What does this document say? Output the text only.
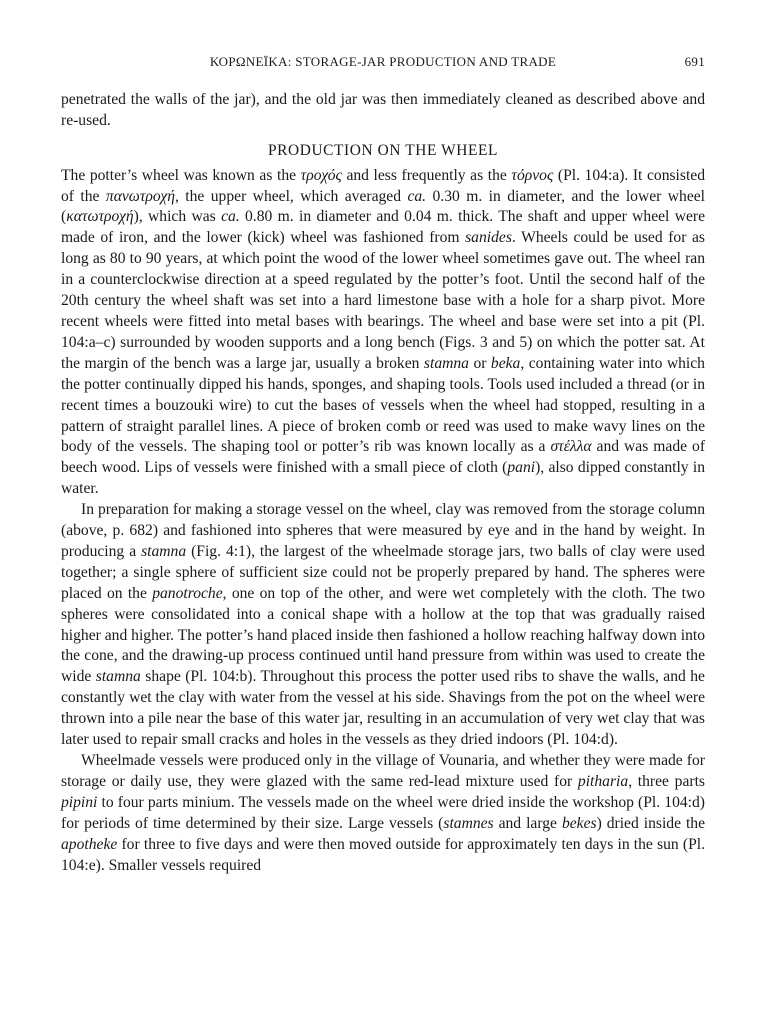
ΚΟΡΩΝΕΪΚΑ: STORAGE-JAR PRODUCTION AND TRADE	691

penetrated the walls of the jar), and the old jar was then immediately cleaned as described above and re-used.

PRODUCTION ON THE WHEEL

The potter’s wheel was known as the τροχός and less frequently as the τόρνος (Pl. 104:a). It consisted of the πανωτροχή, the upper wheel, which averaged ca. 0.30 m. in diameter, and the lower wheel (κατωτροχή), which was ca. 0.80 m. in diameter and 0.04 m. thick. The shaft and upper wheel were made of iron, and the lower (kick) wheel was fashioned from sanides. Wheels could be used for as long as 80 to 90 years, at which point the wood of the lower wheel sometimes gave out. The wheel ran in a counterclockwise direction at a speed regulated by the potter’s foot. Until the second half of the 20th century the wheel shaft was set into a hard limestone base with a hole for a sharp pivot. More recent wheels were fitted into metal bases with bearings. The wheel and base were set into a pit (Pl. 104:a–c) surrounded by wooden supports and a long bench (Figs. 3 and 5) on which the potter sat. At the margin of the bench was a large jar, usually a broken stamna or beka, containing water into which the potter continually dipped his hands, sponges, and shaping tools. Tools used included a thread (or in recent times a bouzouki wire) to cut the bases of vessels when the wheel had stopped, resulting in a pattern of straight parallel lines. A piece of broken comb or reed was used to make wavy lines on the body of the vessels. The shaping tool or potter’s rib was known locally as a στέλλα and was made of beech wood. Lips of vessels were finished with a small piece of cloth (pani), also dipped constantly in water.

In preparation for making a storage vessel on the wheel, clay was removed from the storage column (above, p. 682) and fashioned into spheres that were measured by eye and in the hand by weight. In producing a stamna (Fig. 4:1), the largest of the wheelmade storage jars, two balls of clay were used together; a single sphere of sufficient size could not be properly prepared by hand. The spheres were placed on the panotroche, one on top of the other, and were wet completely with the cloth. The two spheres were consolidated into a conical shape with a hollow at the top that was gradually raised higher and higher. The potter’s hand placed inside then fashioned a hollow reaching halfway down into the cone, and the drawing-up process continued until hand pressure from within was used to create the wide stamna shape (Pl. 104:b). Throughout this process the potter used ribs to shave the walls, and he constantly wet the clay with water from the vessel at his side. Shavings from the pot on the wheel were thrown into a pile near the base of this water jar, resulting in an accumulation of very wet clay that was later used to repair small cracks and holes in the vessels as they dried indoors (Pl. 104:d).

Wheelmade vessels were produced only in the village of Vounaria, and whether they were made for storage or daily use, they were glazed with the same red-lead mixture used for pitharia, three parts pipini to four parts minium. The vessels made on the wheel were dried inside the workshop (Pl. 104:d) for periods of time determined by their size. Large vessels (stamnes and large bekes) dried inside the apotheke for three to five days and were then moved outside for approximately ten days in the sun (Pl. 104:e). Smaller vessels required
